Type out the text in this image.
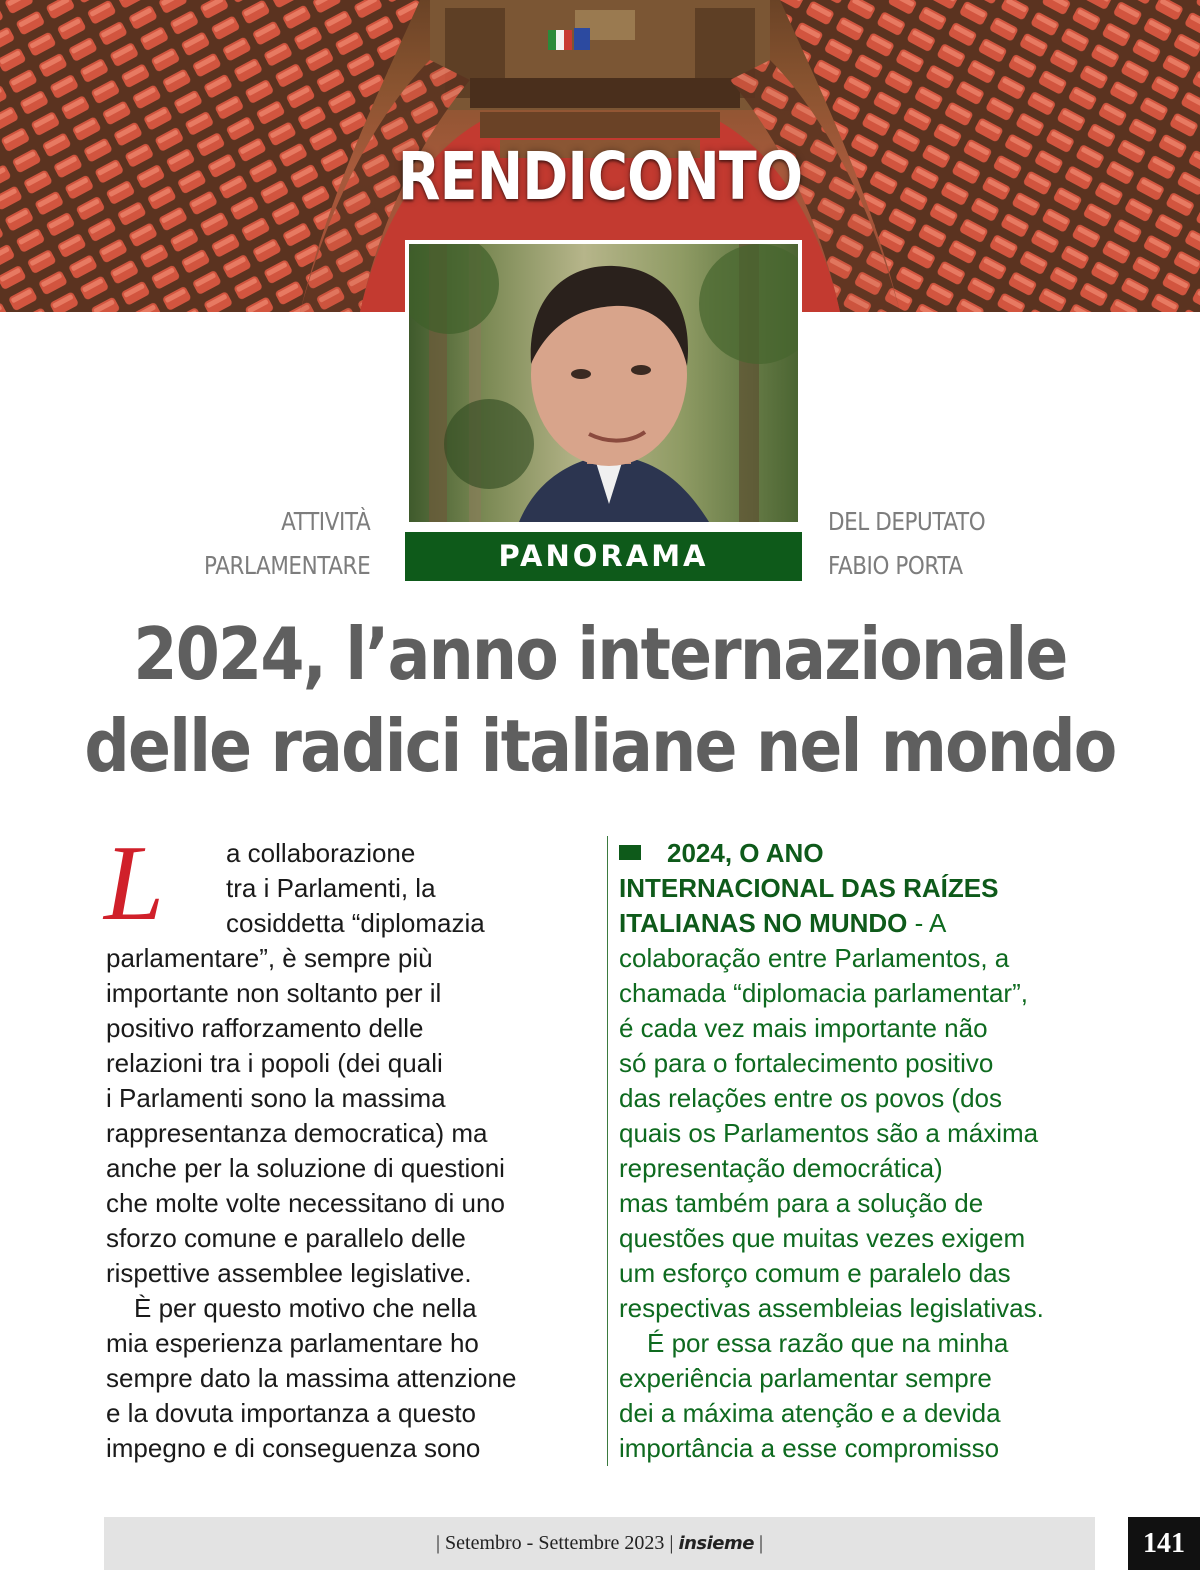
RENDICONTO
PANORAMA
ATTIVITÀ
PARLAMENTARE
DEL DEPUTATO
FABIO PORTA
2024, l’anno internazionale
delle radici italiane nel mondo
L	a collaborazione

tra i Parlamenti, la

cosiddetta “diplomazia

parlamentare”, è sempre più

importante non soltanto per il

positivo rafforzamento delle

relazioni tra i popoli (dei quali

i Parlamenti sono la massima

rappresentanza democratica) ma

anche per la soluzione di questioni

che molte volte necessitano di uno

sforzo comune e parallelo delle

rispettive assemblee legislative.

È per questo motivo che nella

mia esperienza parlamentare ho

sempre dato la massima attenzione

e la dovuta importanza a questo

impegno e di conseguenza sono

2024, O ANO

INTERNACIONAL DAS RAÍZES

ITALIANAS NO MUNDO - A

colaboração entre Parlamentos, a

chamada “diplomacia parlamentar”,

é cada vez mais importante não

só para o fortalecimento positivo

das relações entre os povos (dos

quais os Parlamentos são a máxima

representação democrática)

mas também para a solução de

questões que muitas vezes exigem

um esforço comum e paralelo das

respectivas assembleias legislativas.

É por essa razão que na minha

experiência parlamentar sempre

dei a máxima atenção e a devida

importância a esse compromisso

| Setembro - Settembre 2023 | insieme |	141
